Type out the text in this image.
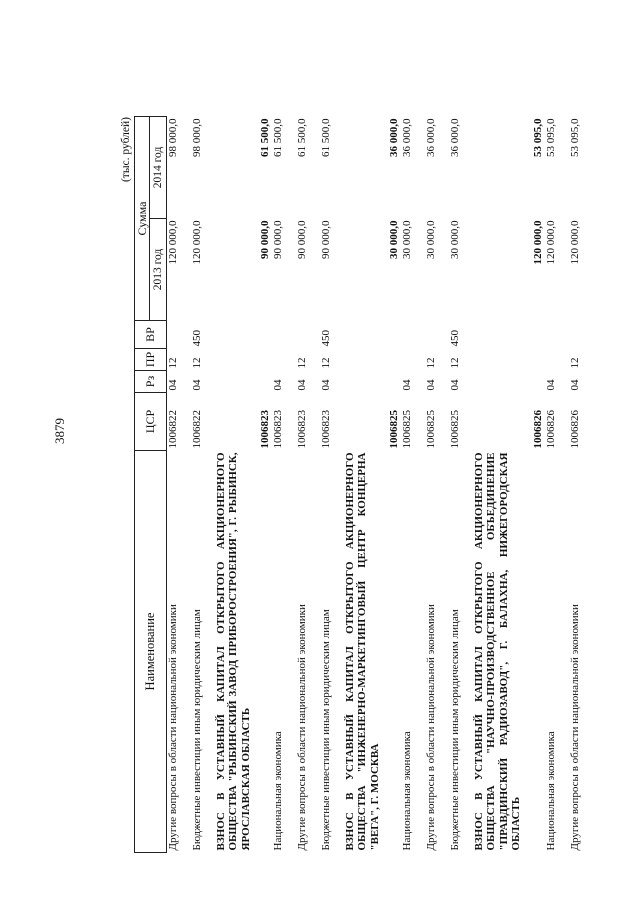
3879
(тыс. рублей)
Наименование	ЦСР	Рз	ПР	ВР	Сумма	
					2013 год	2014 год
Другие вопросы в области национальной экономики	1006822	04	12		120 000,0	98 000,0
Бюджетные инвестиции иным юридическим лицам	1006822	04	12	450	120 000,0	98 000,0
ВЗНОС В УСТАВНЫЙ КАПИТАЛ ОТКРЫТОГО АКЦИОНЕРНОГО ОБЩЕСТВА "РЫБИНСКИЙ ЗАВОД ПРИБОРОСТРОЕНИЯ", Г. РЫБИНСК, ЯРОСЛАВСКАЯ ОБЛАСТЬ	1006823				90 000,0	61 500,0
Национальная экономика	1006823	04			90 000,0	61 500,0
Другие вопросы в области национальной экономики	1006823	04	12		90 000,0	61 500,0
Бюджетные инвестиции иным юридическим лицам	1006823	04	12	450	90 000,0	61 500,0
ВЗНОС В УСТАВНЫЙ КАПИТАЛ ОТКРЫТОГО АКЦИОНЕРНОГО ОБЩЕСТВА "ИНЖЕНЕРНО-МАРКЕТИНГОВЫЙ ЦЕНТР КОНЦЕРНА "ВЕГА", Г. МОСКВА	1006825				30 000,0	36 000,0
Национальная экономика	1006825	04			30 000,0	36 000,0
Другие вопросы в области национальной экономики	1006825	04	12		30 000,0	36 000,0
Бюджетные инвестиции иным юридическим лицам	1006825	04	12	450	30 000,0	36 000,0
ВЗНОС В УСТАВНЫЙ КАПИТАЛ ОТКРЫТОГО АКЦИОНЕРНОГО ОБЩЕСТВА "НАУЧНО-ПРОИЗВОДСТВЕННОЕ ОБЪЕДИНЕНИЕ "ПРАВДИНСКИЙ РАДИОЗАВОД", Г. БАЛАХНА, НИЖЕГОРОДСКАЯ ОБЛАСТЬ	1006826				120 000,0	53 095,0
Национальная экономика	1006826	04			120 000,0	53 095,0
Другие вопросы в области национальной экономики	1006826	04	12		120 000,0	53 095,0
